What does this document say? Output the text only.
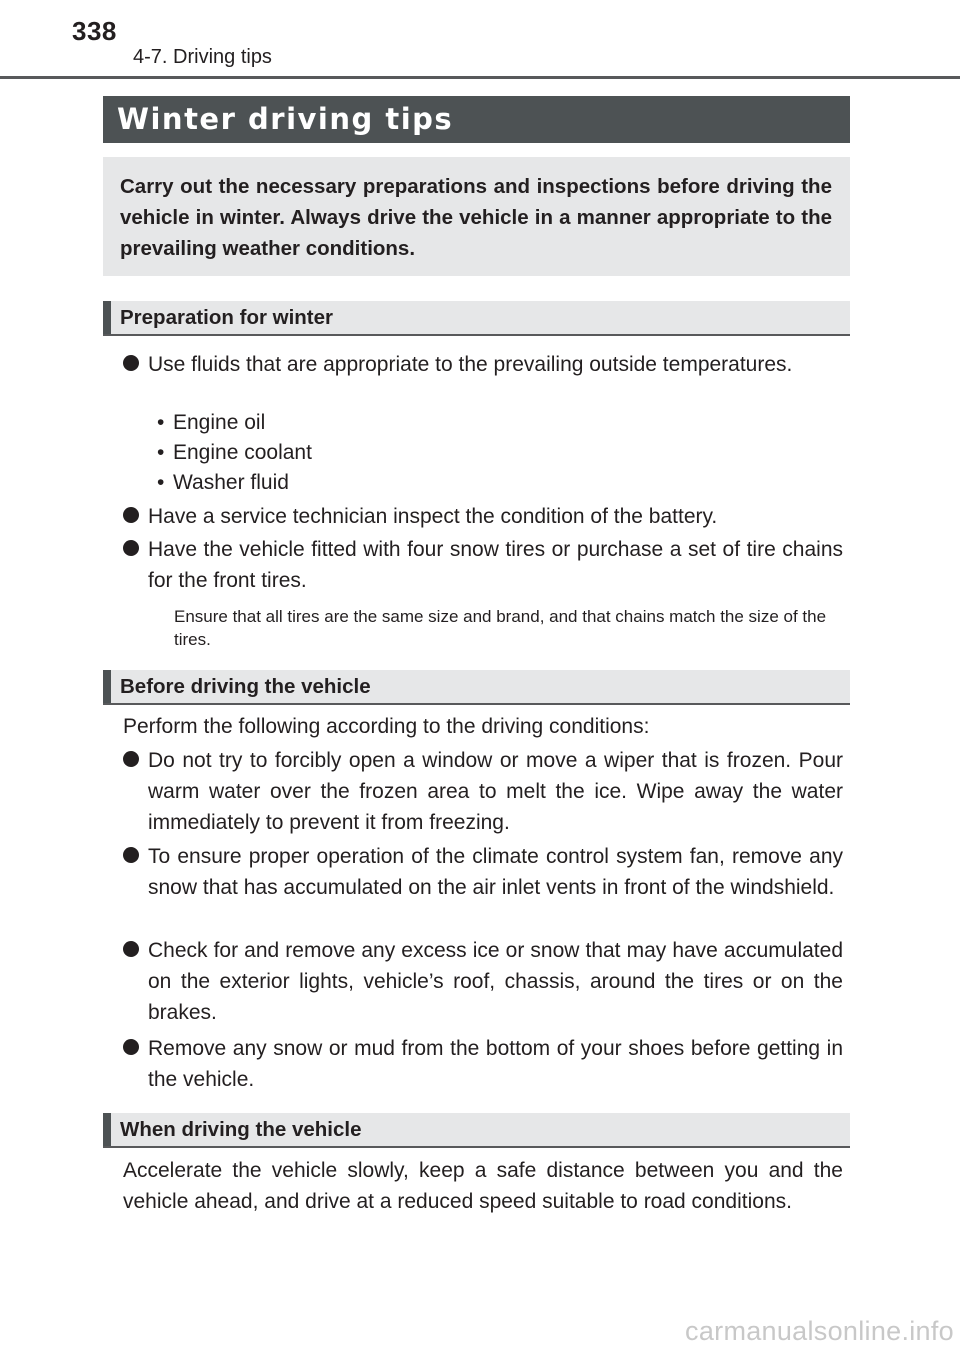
338
4-7. Driving tips
Winter driving tips
Carry out the necessary preparations and inspections before driving the vehicle in winter. Always drive the vehicle in a manner appropriate to the prevailing weather conditions.
Preparation for winter
Use fluids that are appropriate to the prevailing outside temperatures.
• Engine oil
• Engine coolant
• Washer fluid
Have a service technician inspect the condition of the battery.
Have the vehicle fitted with four snow tires or purchase a set of tire chains for the front tires.
Ensure that all tires are the same size and brand, and that chains match the size of the tires.
Before driving the vehicle
Perform the following according to the driving conditions:
Do not try to forcibly open a window or move a wiper that is frozen. Pour warm water over the frozen area to melt the ice. Wipe away the water immediately to prevent it from freezing.
To ensure proper operation of the climate control system fan, remove any snow that has accumulated on the air inlet vents in front of the windshield.
Check for and remove any excess ice or snow that may have accumulated on the exterior lights, vehicle’s roof, chassis, around the tires or on the brakes.
Remove any snow or mud from the bottom of your shoes before getting in the vehicle.
When driving the vehicle
Accelerate the vehicle slowly, keep a safe distance between you and the vehicle ahead, and drive at a reduced speed suitable to road conditions.
carmanualsonline.info
